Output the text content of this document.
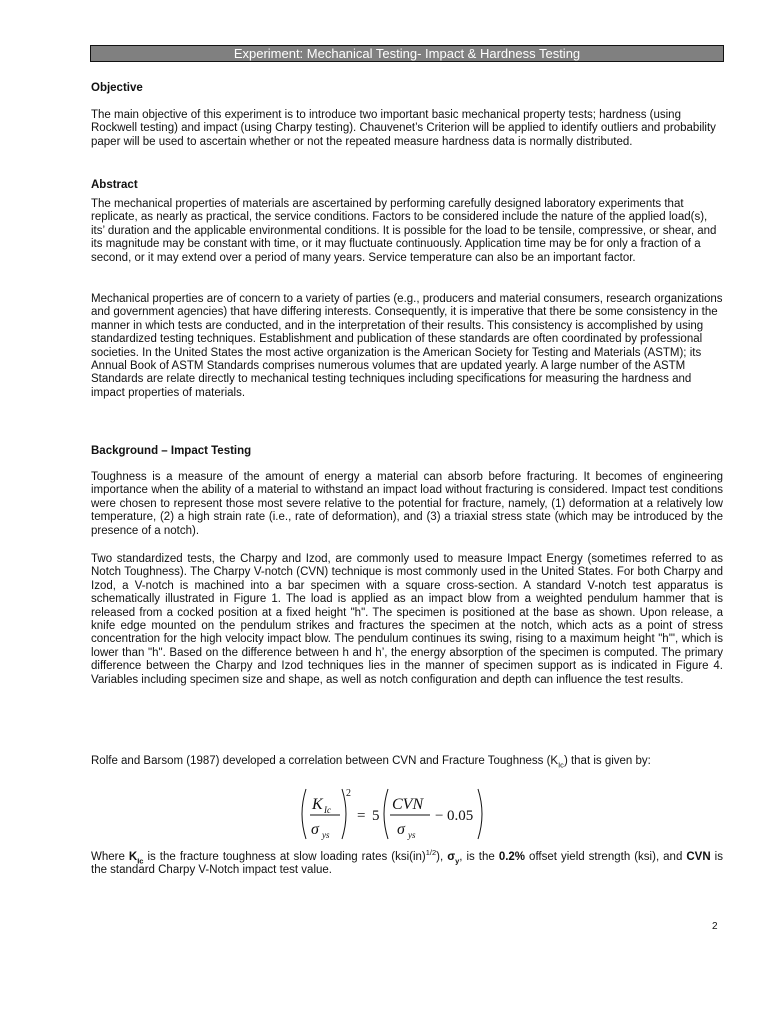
Experiment: Mechanical Testing- Impact & Hardness Testing
Objective

The main objective of this experiment is to introduce two important basic mechanical property tests; hardness (using Rockwell testing) and impact (using Charpy testing). Chauvenet’s Criterion will be applied to identify outliers and probability paper will be used to ascertain whether or not the repeated measure hardness data is normally distributed.

Abstract

The mechanical properties of materials are ascertained by performing carefully designed laboratory experiments that replicate, as nearly as practical, the service conditions. Factors to be considered include the nature of the applied load(s), its’ duration and the applicable environmental conditions. It is possible for the load to be tensile, compressive, or shear, and its magnitude may be constant with time, or it may fluctuate continuously. Application time may be for only a fraction of a second, or it may extend over a period of many years. Service temperature can also be an important factor.

Mechanical properties are of concern to a variety of parties (e.g., producers and material consumers, research organizations and government agencies) that have differing interests. Consequently, it is imperative that there be some consistency in the manner in which tests are conducted, and in the interpretation of their results. This consistency is accomplished by using standardized testing techniques. Establishment and publication of these standards are often coordinated by professional societies. In the United States the most active organization is the American Society for Testing and Materials (ASTM); its Annual Book of ASTM Standards comprises numerous volumes that are updated yearly. A large number of the ASTM Standards are relate directly to mechanical testing techniques including specifications for measuring the hardness and impact properties of materials.

Background – Impact Testing

Toughness is a measure of the amount of energy a material can absorb before fracturing. It becomes of engineering importance when the ability of a material to withstand an impact load without fracturing is considered. Impact test conditions were chosen to represent those most severe relative to the potential for fracture, namely, (1) deformation at a relatively low temperature, (2) a high strain rate (i.e., rate of deformation), and (3) a triaxial stress state (which may be introduced by the presence of a notch).

Two standardized tests, the Charpy and Izod, are commonly used to measure Impact Energy (sometimes referred to as Notch Toughness). The Charpy V-notch (CVN) technique is most commonly used in the United States. For both Charpy and Izod, a V-notch is machined into a bar specimen with a square cross-section. A standard V-notch test apparatus is schematically illustrated in Figure 1. The load is applied as an impact blow from a weighted pendulum hammer that is released from a cocked position at a fixed height "h". The specimen is positioned at the base as shown. Upon release, a knife edge mounted on the pendulum strikes and fractures the specimen at the notch, which acts as a point of stress concentration for the high velocity impact blow. The pendulum continues its swing, rising to a maximum height "h'", which is lower than "h". Based on the difference between h and h’, the energy absorption of the specimen is computed. The primary difference between the Charpy and Izod techniques lies in the manner of specimen support as is indicated in Figure 4. Variables including specimen size and shape, as well as notch configuration and depth can influence the test results.

Rolfe and Barsom (1987) developed a correlation between CVN and Fracture Toughness $(K_{Ic})$ that is given by:

K Ic
σ ys
2
= 5
CVN
σ ys
− 0.05

Where $K_{Ic}$ is the fracture toughness at slow loading rates (ksi(in)$^{1/2}$), $\sigma_y$, is the 0.2% offset yield strength (ksi), and CVN is the standard Charpy V-Notch impact test value.

2
